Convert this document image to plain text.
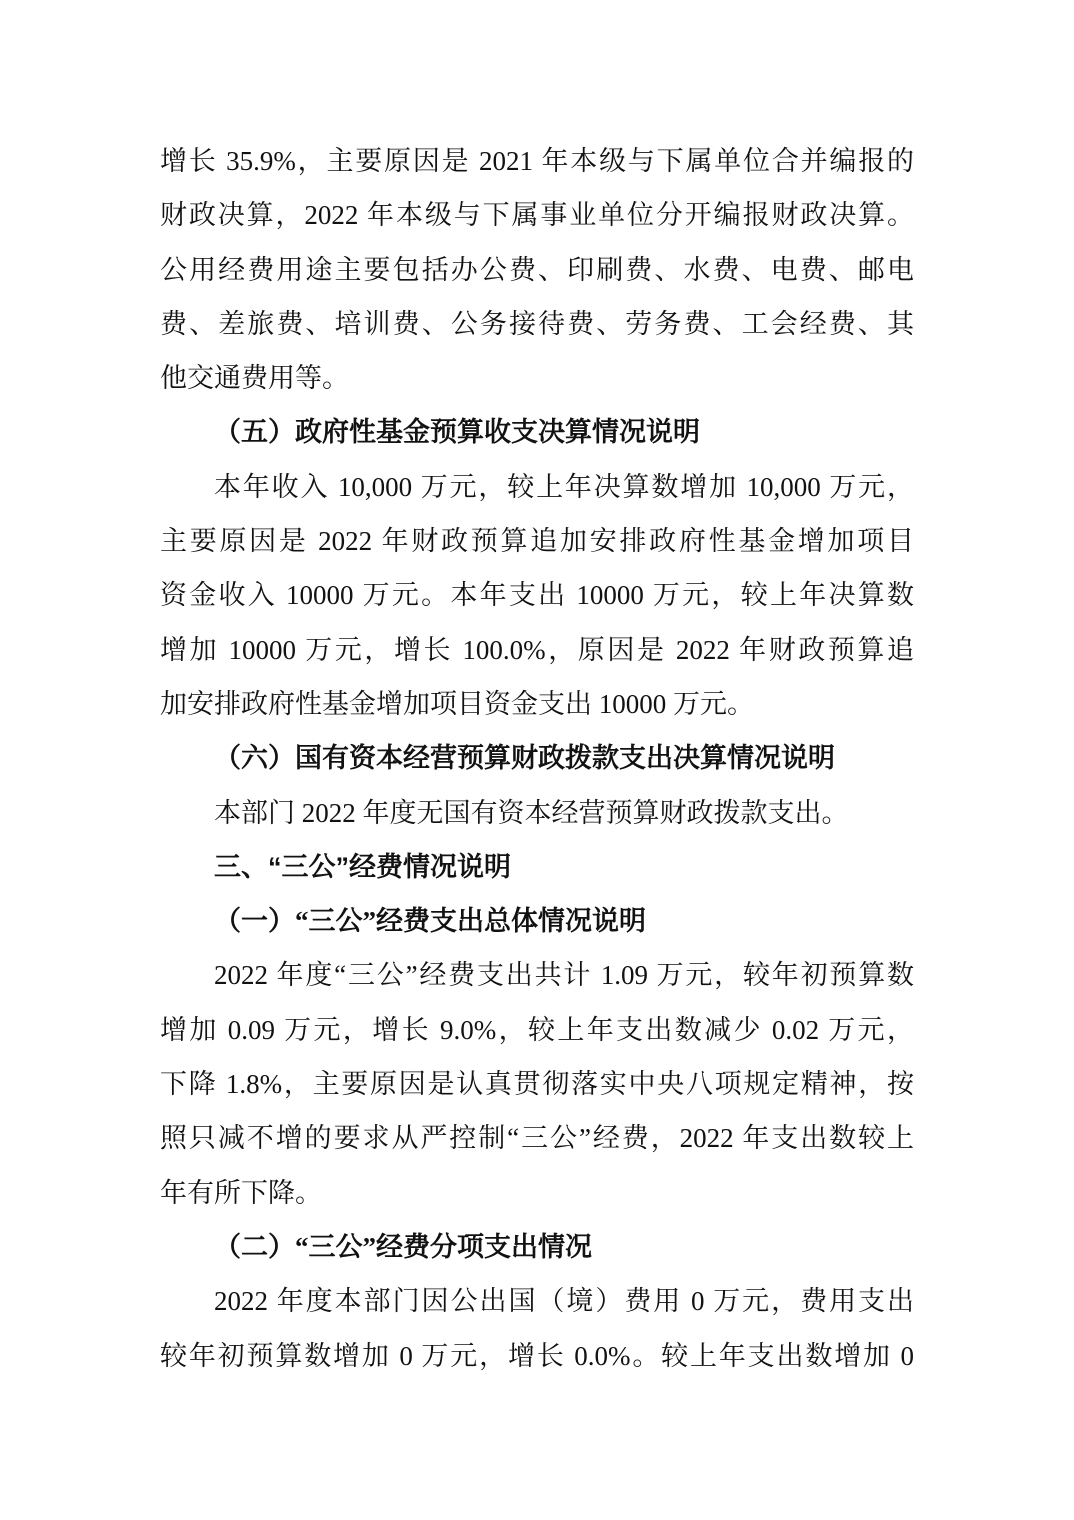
增长 35.9%，主要原因是 2021 年本级与下属单位合并编报的
财政决算，2022 年本级与下属事业单位分开编报财政决算。
公用经费用途主要包括办公费、印刷费、水费、电费、邮电
费、差旅费、培训费、公务接待费、劳务费、工会经费、其
他交通费用等。
（五）政府性基金预算收支决算情况说明
本年收入 10,000 万元，较上年决算数增加 10,000 万元，
主要原因是 2022 年财政预算追加安排政府性基金增加项目
资金收入 10000 万元。本年支出 10000 万元，较上年决算数
增加 10000 万元，增长 100.0%，原因是 2022 年财政预算追
加安排政府性基金增加项目资金支出 10000 万元。
（六）国有资本经营预算财政拨款支出决算情况说明
本部门 2022 年度无国有资本经营预算财政拨款支出。
三、“三公”经费情况说明
（一）“三公”经费支出总体情况说明
2022 年度“三公”经费支出共计 1.09 万元，较年初预算数
增加 0.09 万元，增长 9.0%，较上年支出数减少 0.02 万元，
下降 1.8%，主要原因是认真贯彻落实中央八项规定精神，按
照只减不增的要求从严控制“三公”经费，2022 年支出数较上
年有所下降。
（二）“三公”经费分项支出情况
2022 年度本部门因公出国（境）费用 0 万元，费用支出
较年初预算数增加 0 万元，增长 0.0%。较上年支出数增加 0
